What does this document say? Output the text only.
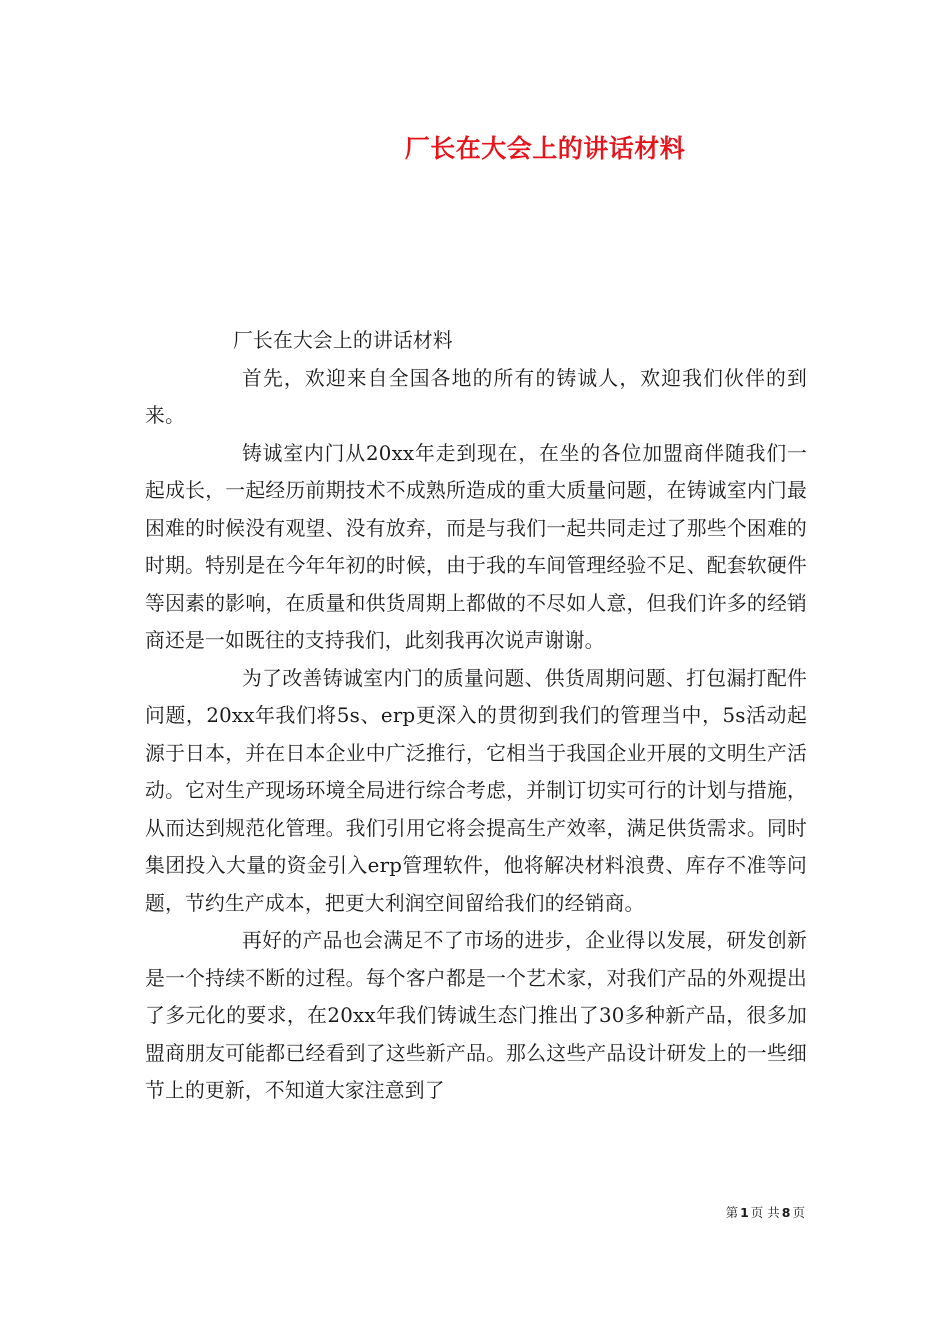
厂长在大会上的讲话材料

厂长在大会上的讲话材料

首先，欢迎来自全国各地的所有的铸诚人，欢迎我们伙伴的到来。

铸诚室内门从20xx年走到现在，在坐的各位加盟商伴随我们一起成长，一起经历前期技术不成熟所造成的重大质量问题，在铸诚室内门最困难的时候没有观望、没有放弃，而是与我们一起共同走过了那些个困难的时期。特别是在今年年初的时候，由于我的车间管理经验不足、配套软硬件等因素的影响，在质量和供货周期上都做的不尽如人意，但我们许多的经销商还是一如既往的支持我们，此刻我再次说声谢谢。

为了改善铸诚室内门的质量问题、供货周期问题、打包漏打配件问题，20xx年我们将5s、erp更深入的贯彻到我们的管理当中，5s活动起源于日本，并在日本企业中广泛推行，它相当于我国企业开展的文明生产活动。它对生产现场环境全局进行综合考虑，并制订切实可行的计划与措施，从而达到规范化管理。我们引用它将会提高生产效率，满足供货需求。同时集团投入大量的资金引入erp管理软件，他将解决材料浪费、库存不准等问题，节约生产成本，把更大利润空间留给我们的经销商。

再好的产品也会满足不了市场的进步，企业得以发展，研发创新是一个持续不断的过程。每个客户都是一个艺术家，对我们产品的外观提出了多元化的要求，在20xx年我们铸诚生态门推出了30多种新产品，很多加盟商朋友可能都已经看到了这些新产品。那么这些产品设计研发上的一些细节上的更新，不知道大家注意到了

第 1 页 共 8 页
